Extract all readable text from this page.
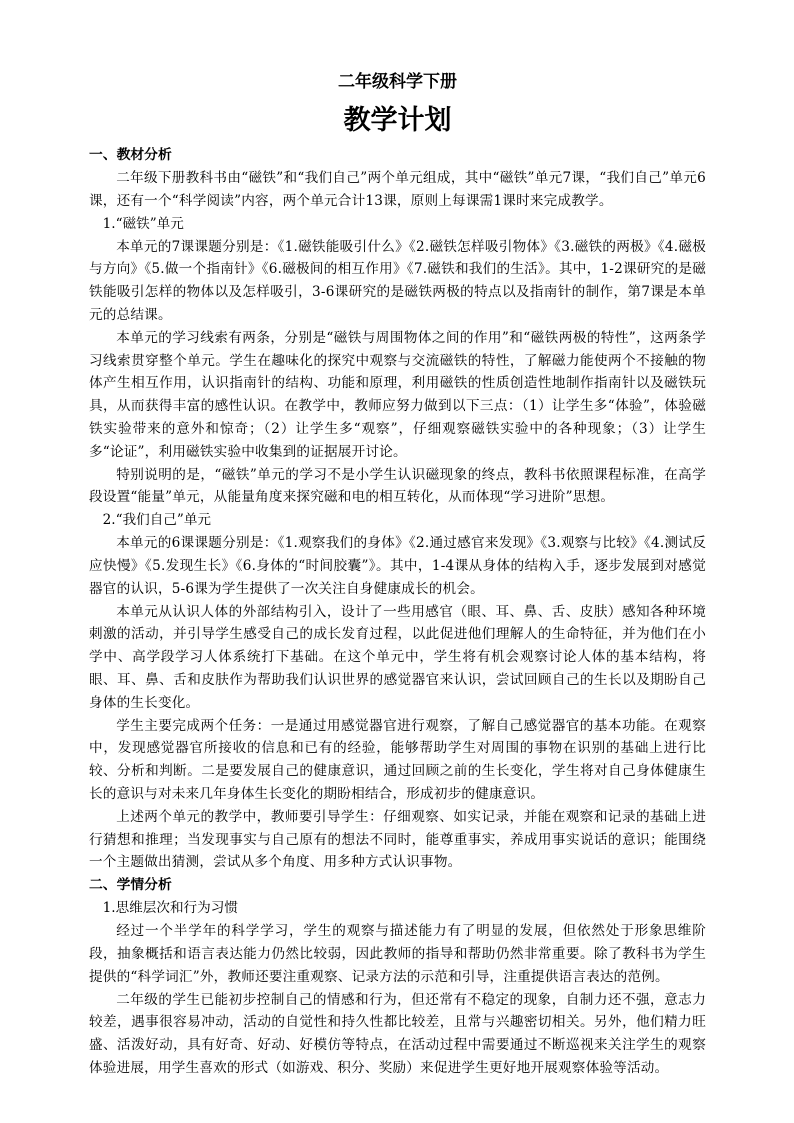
二年级科学下册
教学计划
一、教材分析

二年级下册教科书由“磁铁”和“我们自己”两个单元组成，其中“磁铁”单元7课，“我们自己”单元6课，还有一个“科学阅读”内容，两个单元合计13课，原则上每课需1课时来完成教学。

1.“磁铁”单元

本单元的7课课题分别是：《1.磁铁能吸引什么》《2.磁铁怎样吸引物体》《3.磁铁的两极》《4.磁极与方向》《5.做一个指南针》《6.磁极间的相互作用》《7.磁铁和我们的生活》。其中，1-2课研究的是磁铁能吸引怎样的物体以及怎样吸引，3-6课研究的是磁铁两极的特点以及指南针的制作，第7课是本单元的总结课。

本单元的学习线索有两条，分别是“磁铁与周围物体之间的作用”和“磁铁两极的特性”，这两条学习线索贯穿整个单元。学生在趣味化的探究中观察与交流磁铁的特性，了解磁力能使两个不接触的物体产生相互作用，认识指南针的结构、功能和原理，利用磁铁的性质创造性地制作指南针以及磁铁玩具，从而获得丰富的感性认识。在教学中，教师应努力做到以下三点：（1）让学生多“体验”，体验磁铁实验带来的意外和惊奇；（2）让学生多“观察”，仔细观察磁铁实验中的各种现象；（3）让学生多“论证”，利用磁铁实验中收集到的证据展开讨论。

特别说明的是，“磁铁”单元的学习不是小学生认识磁现象的终点，教科书依照课程标准，在高学段设置“能量”单元，从能量角度来探究磁和电的相互转化，从而体现“学习进阶”思想。

2.“我们自己”单元

本单元的6课课题分别是：《1.观察我们的身体》《2.通过感官来发现》《3.观察与比较》《4.测试反应快慢》《5.发现生长》《6.身体的“时间胶囊”》。其中，1-4课从身体的结构入手，逐步发展到对感觉器官的认识，5-6课为学生提供了一次关注自身健康成长的机会。

本单元从认识人体的外部结构引入，设计了一些用感官（眼、耳、鼻、舌、皮肤）感知各种环境刺激的活动，并引导学生感受自己的成长发育过程，以此促进他们理解人的生命特征，并为他们在小学中、高学段学习人体系统打下基础。在这个单元中，学生将有机会观察讨论人体的基本结构，将眼、耳、鼻、舌和皮肤作为帮助我们认识世界的感觉器官来认识，尝试回顾自己的生长以及期盼自己身体的生长变化。

学生主要完成两个任务：一是通过用感觉器官进行观察，了解自己感觉器官的基本功能。在观察中，发现感觉器官所接收的信息和已有的经验，能够帮助学生对周围的事物在识别的基础上进行比较、分析和判断。二是要发展自己的健康意识，通过回顾之前的生长变化，学生将对自己身体健康生长的意识与对未来几年身体生长变化的期盼相结合，形成初步的健康意识。

上述两个单元的教学中，教师要引导学生：仔细观察、如实记录，并能在观察和记录的基础上进行猜想和推理；当发现事实与自己原有的想法不同时，能尊重事实，养成用事实说话的意识；能围绕一个主题做出猜测，尝试从多个角度、用多种方式认识事物。

二、学情分析

1.思维层次和行为习惯

经过一个半学年的科学学习，学生的观察与描述能力有了明显的发展，但依然处于形象思维阶段，抽象概括和语言表达能力仍然比较弱，因此教师的指导和帮助仍然非常重要。除了教科书为学生提供的“科学词汇”外，教师还要注重观察、记录方法的示范和引导，注重提供语言表达的范例。

二年级的学生已能初步控制自己的情感和行为，但还常有不稳定的现象，自制力还不强，意志力较差，遇事很容易冲动，活动的自觉性和持久性都比较差，且常与兴趣密切相关。另外，他们精力旺盛、活泼好动，具有好奇、好动、好模仿等特点，在活动过程中需要通过不断巡视来关注学生的观察体验进展，用学生喜欢的形式（如游戏、积分、奖励）来促进学生更好地开展观察体验等活动。
